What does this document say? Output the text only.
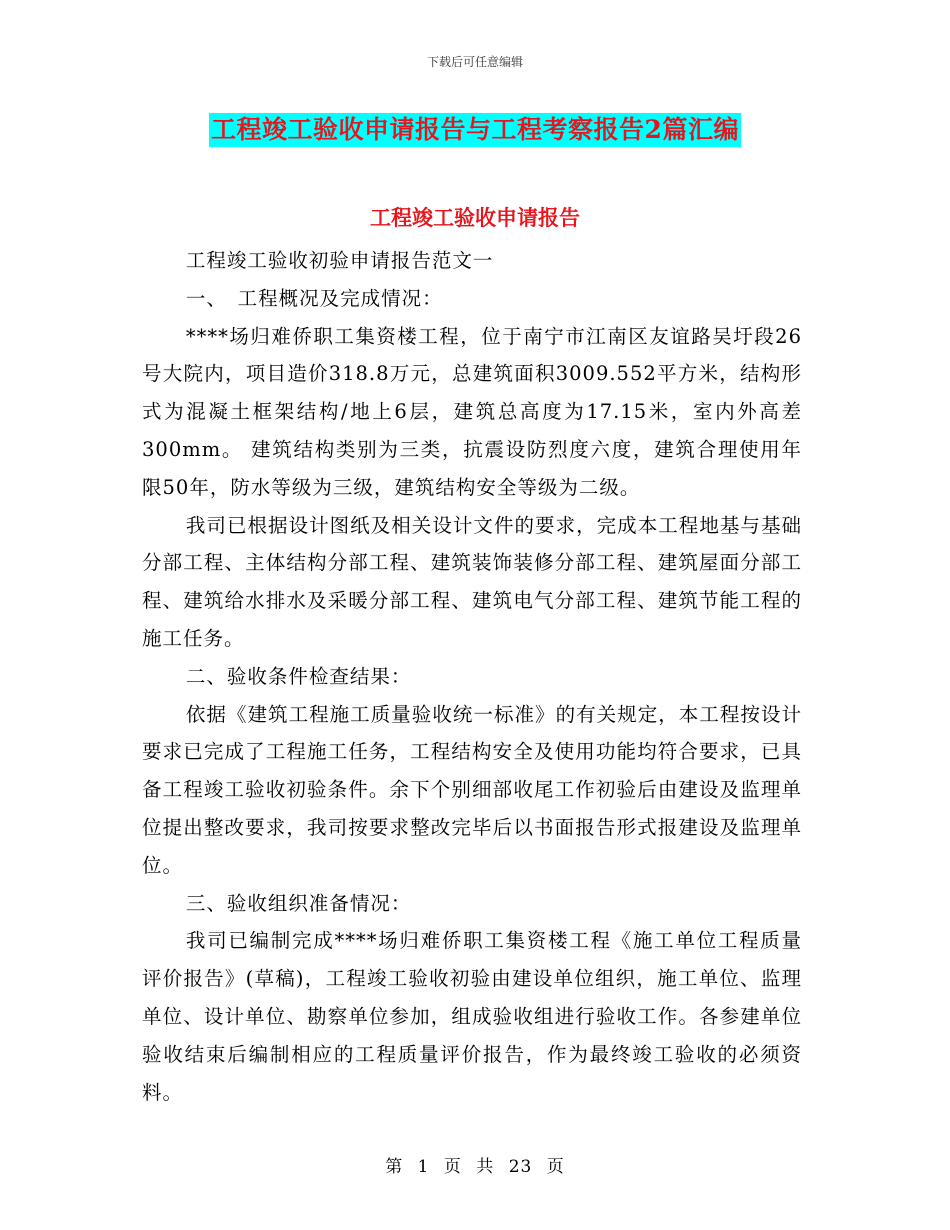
下载后可任意编辑
工程竣工验收申请报告与工程考察报告2篇汇编
工程竣工验收申请报告

工程竣工验收初验申请报告范文一

一、　工程概况及完成情况：

****场归难侨职工集资楼工程，位于南宁市江南区友谊路吴圩段26号大院内，项目造价318.8万元，总建筑面积3009.552平方米，结构形式为混凝土框架结构/地上6层，建筑总高度为17.15米，室内外高差300mm。 建筑结构类别为三类，抗震设防烈度六度，建筑合理使用年限50年，防水等级为三级，建筑结构安全等级为二级。

我司已根据设计图纸及相关设计文件的要求，完成本工程地基与基础分部工程、主体结构分部工程、建筑装饰装修分部工程、建筑屋面分部工程、建筑给水排水及采暖分部工程、建筑电气分部工程、建筑节能工程的施工任务。

二、验收条件检查结果：

依据《建筑工程施工质量验收统一标准》的有关规定，本工程按设计要求已完成了工程施工任务，工程结构安全及使用功能均符合要求，已具备工程竣工验收初验条件。余下个别细部收尾工作初验后由建设及监理单位提出整改要求，我司按要求整改完毕后以书面报告形式报建设及监理单位。

三、验收组织准备情况：

我司已编制完成****场归难侨职工集资楼工程《施工单位工程质量评价报告》(草稿)，工程竣工验收初验由建设单位组织，施工单位、监理单位、设计单位、勘察单位参加，组成验收组进行验收工作。各参建单位验收结束后编制相应的工程质量评价报告，作为最终竣工验收的必须资料。

第 1 页 共 23 页
